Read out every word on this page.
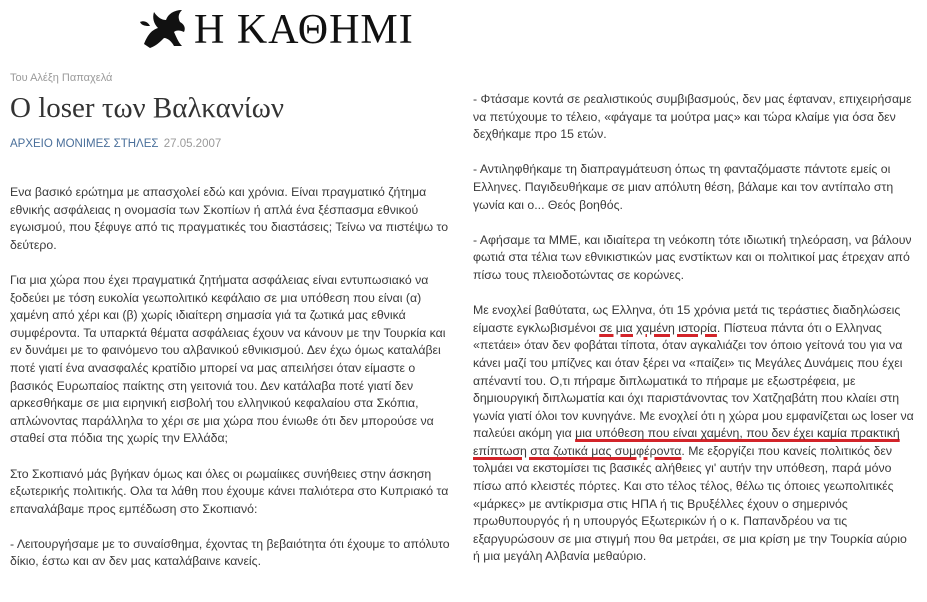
Η ΚΑΘΗΜΙ
Του Αλέξη Παπαχελά
O loser των Βαλκανίων
ΑΡΧΕΙΟ ΜΟΝΙΜΕΣ ΣΤΗΛΕΣ 27.05.2007

Ενα βασικό ερώτημα με απασχολεί εδώ και χρόνια. Είναι πραγματικό ζήτημα εθνικής ασφάλειας η ονομασία των Σκοπίων ή απλά ένα ξέσπασμα εθνικού εγωισμού, που ξέφυγε από τις πραγματικές του διαστάσεις; Τείνω να πιστέψω το δεύτερο.

Για μια χώρα που έχει πραγματικά ζητήματα ασφάλειας είναι εντυπωσιακό να ξοδεύει με τόση ευκολία γεωπολιτικό κεφάλαιο σε μια υπόθεση που είναι (α) χαμένη από χέρι και (β) χωρίς ιδιαίτερη σημασία γιά τα ζωτικά μας εθνικά συμφέροντα. Τα υπαρκτά θέματα ασφάλειας έχουν να κάνουν με την Τουρκία και εν δυνάμει με το φαινόμενο του αλβανικού εθνικισμού. Δεν έχω όμως καταλάβει ποτέ γιατί ένα ανασφαλές κρατίδιο μπορεί να μας απειλήσει όταν είμαστε ο βασικός Ευρωπαίος παίκτης στη γειτονιά του. Δεν κατάλαβα ποτέ γιατί δεν αρκεσθήκαμε σε μια ειρηνική εισβολή του ελληνικού κεφαλαίου στα Σκόπια, απλώνοντας παράλληλα το χέρι σε μια χώρα που ένιωθε ότι δεν μπορούσε να σταθεί στα πόδια της χωρίς την Ελλάδα;

Στο Σκοπιανό μάς βγήκαν όμως και όλες οι ρωμαίικες συνήθειες στην άσκηση εξωτερικής πολιτικής. Ολα τα λάθη που έχουμε κάνει παλιότερα στο Κυπριακό τα επαναλάβαμε προς εμπέδωση στο Σκοπιανό:

- Λειτουργήσαμε με το συναίσθημα, έχοντας τη βεβαιότητα ότι έχουμε το απόλυτο δίκιο, έστω και αν δεν μας καταλάβαινε κανείς.

- Φτάσαμε κοντά σε ρεαλιστικούς συμβιβασμούς, δεν μας έφταναν, επιχειρήσαμε να πετύχουμε το τέλειο, «φάγαμε τα μούτρα μας» και τώρα κλαίμε για όσα δεν δεχθήκαμε προ 15 ετών.

- Αντιληφθήκαμε τη διαπραγμάτευση όπως τη φανταζόμαστε πάντοτε εμείς οι Ελληνες. Παγιδευθήκαμε σε μιαν απόλυτη θέση, βάλαμε και τον αντίπαλο στη γωνία και ο... Θεός βοηθός.

- Αφήσαμε τα ΜΜΕ, και ιδιαίτερα τη νεόκοπη τότε ιδιωτική τηλεόραση, να βάλουν φωτιά στα τέλια των εθνικιστικών μας ενστίκτων και οι πολιτικοί μας έτρεχαν από πίσω τους πλειοδοτώντας σε κορώνες.

Με ενοχλεί βαθύτατα, ως Ελληνα, ότι 15 χρόνια μετά τις τεράστιες διαδηλώσεις είμαστε εγκλωβισμένοι σε μια χαμένη ιστορία. Πίστευα πάντα ότι ο Ελληνας «πετάει» όταν δεν φοβάται τίποτα, όταν αγκαλιάζει τον όποιο γείτονά του για να κάνει μαζί του μπίζνες και όταν ξέρει να «παίζει» τις Μεγάλες Δυνάμεις που έχει απέναντί του. Ο,τι πήραμε διπλωματικά το πήραμε με εξωστρέφεια, με δημιουργική διπλωματία και όχι παριστάνοντας τον Χατζηαβάτη που κλαίει στη γωνία γιατί όλοι τον κυνηγάνε. Με ενοχλεί ότι η χώρα μου εμφανίζεται ως loser να παλεύει ακόμη για μια υπόθεση που είναι χαμένη, που δεν έχει καμία πρακτική επίπτωση στα ζωτικά μας συμφέροντα. Με εξοργίζει που κανείς πολιτικός δεν τολμάει να εκστομίσει τις βασικές αλήθειες γι' αυτήν την υπόθεση, παρά μόνο πίσω από κλειστές πόρτες. Και στο τέλος τέλος, θέλω τις όποιες γεωπολιτικές «μάρκες» με αντίκρισμα στις ΗΠΑ ή τις Βρυξέλλες έχουν ο σημερινός πρωθυπουργός ή η υπουργός Εξωτερικών ή ο κ. Παπανδρέου να τις εξαργυρώσουν σε μια στιγμή που θα μετράει, σε μια κρίση με την Τουρκία αύριο ή μια μεγάλη Αλβανία μεθαύριο.
